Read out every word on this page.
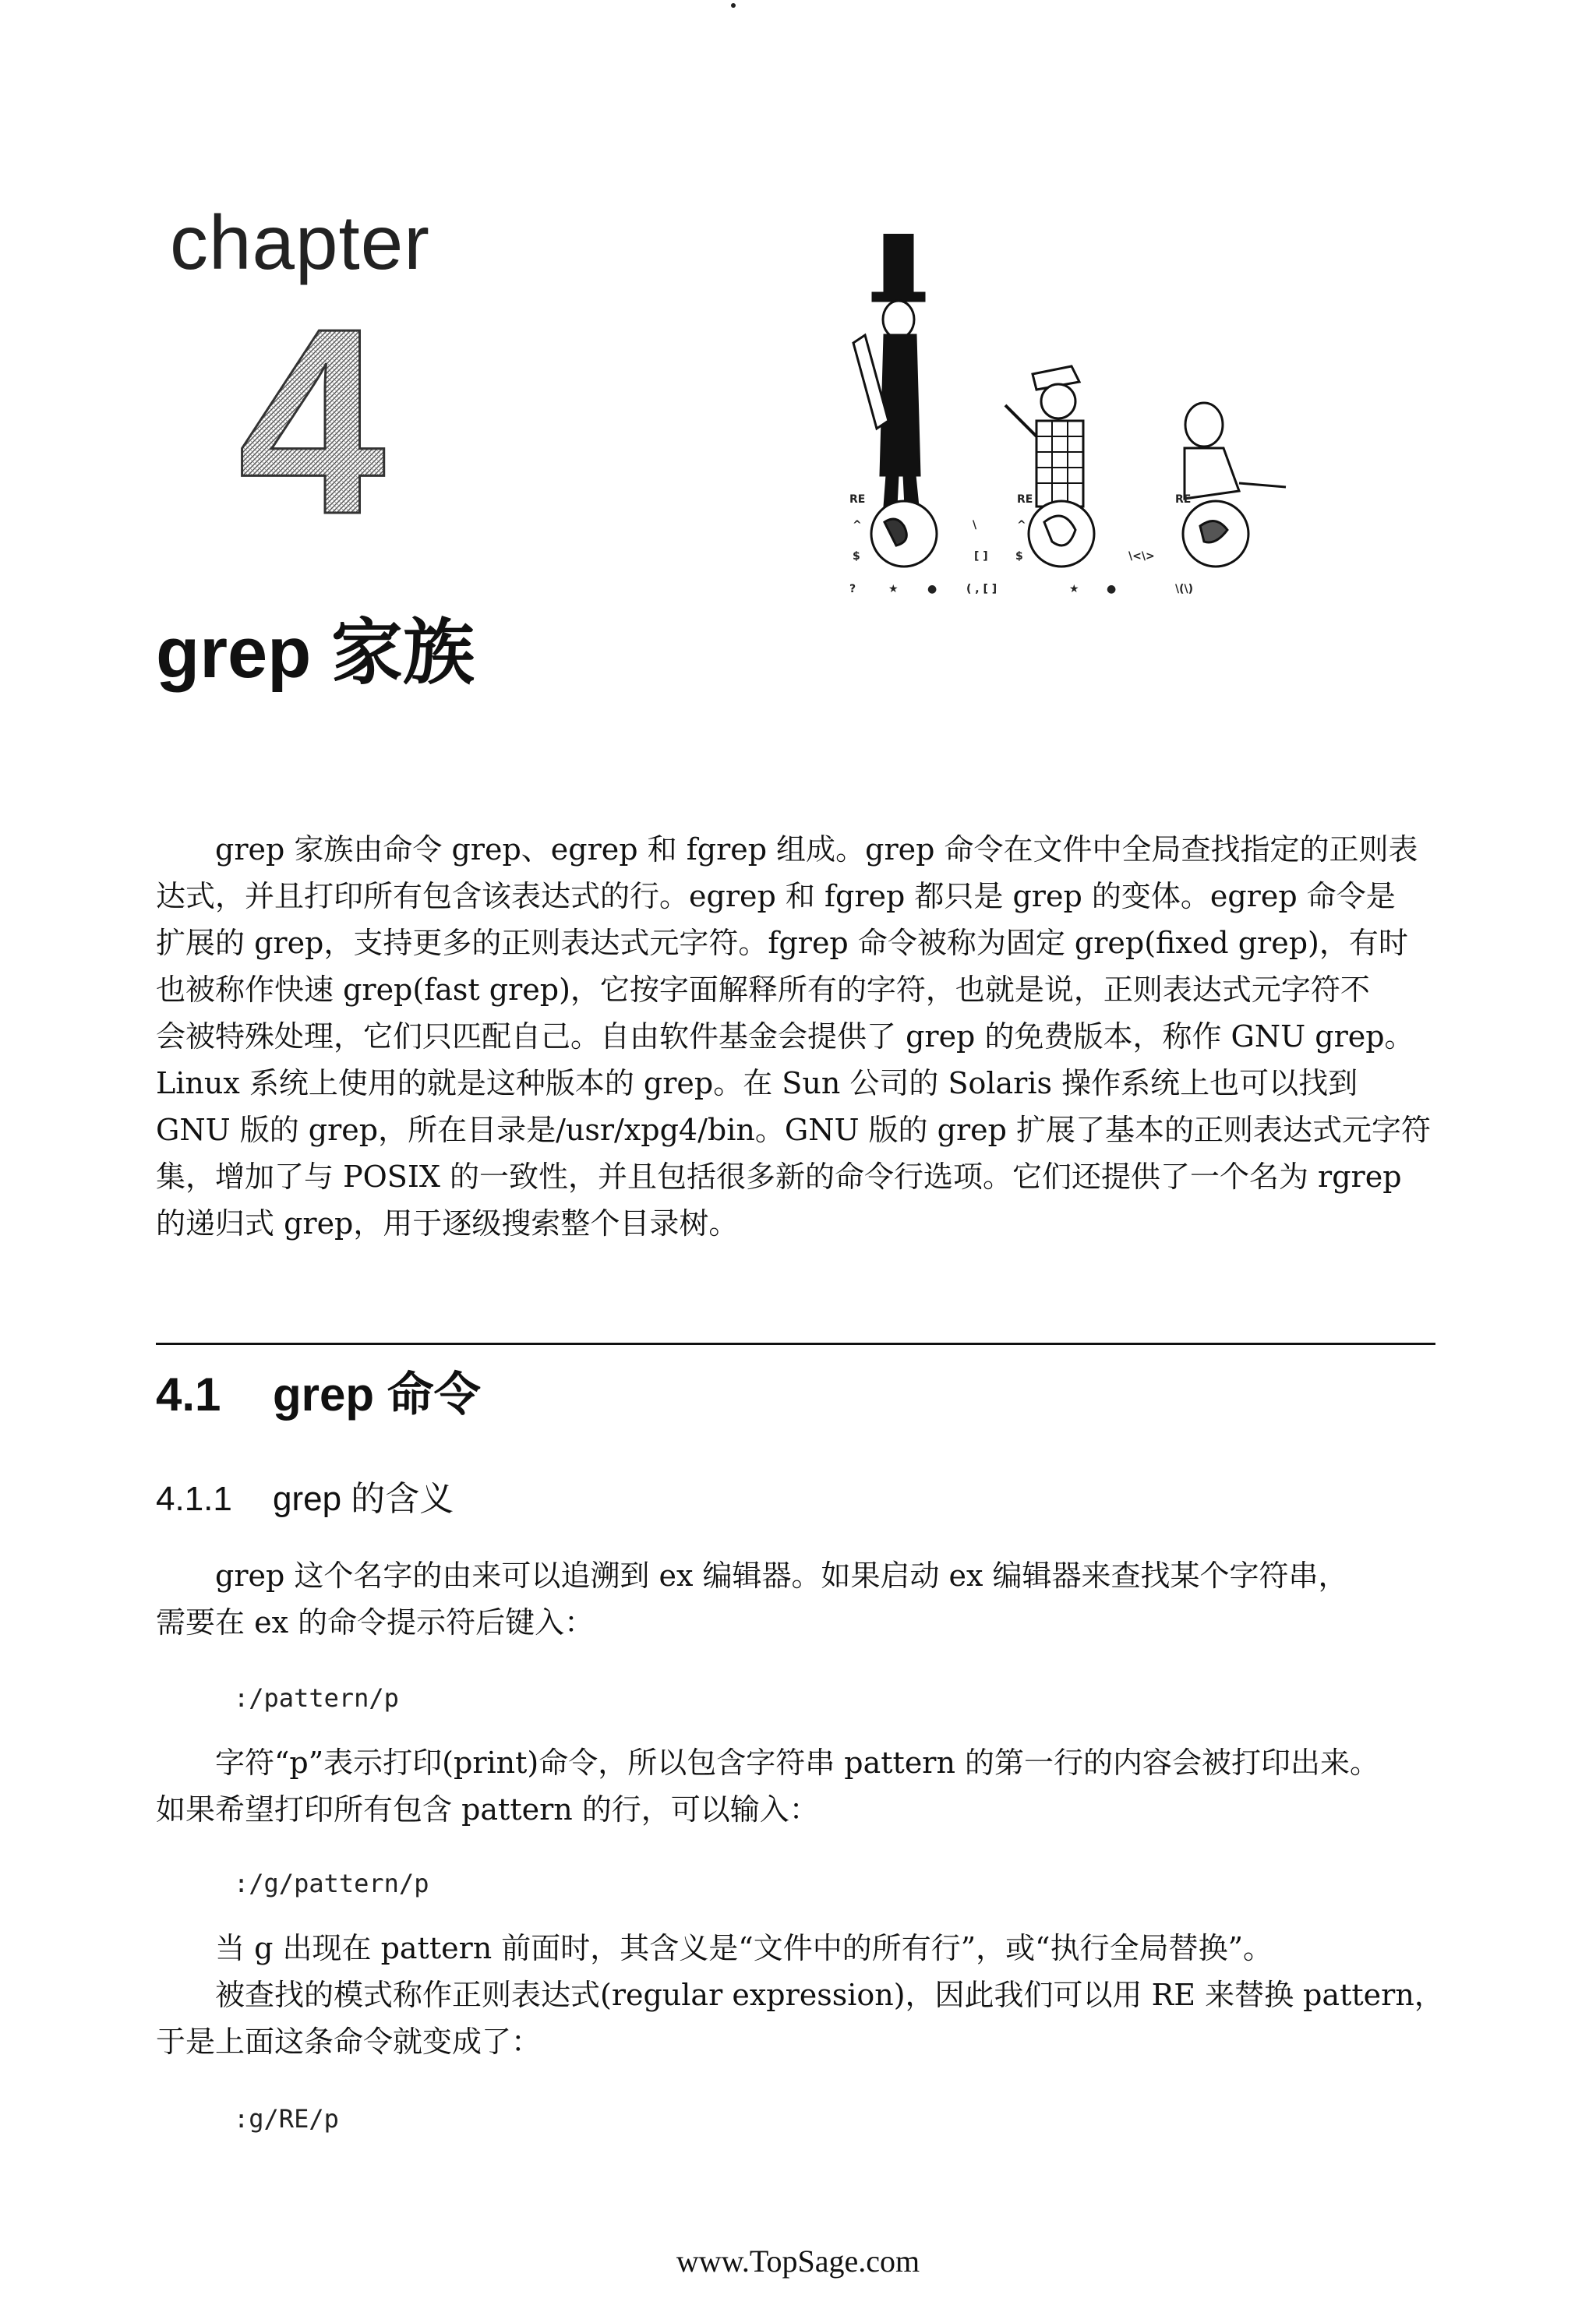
chapter
4
grep 家族
RE	RE	RE
^	\	^
$	[ ]	$	\<\>
?	★	●	( , [ ]	★	●	\(\)
grep 家族由命令 grep、egrep 和 fgrep 组成。grep 命令在文件中全局查找指定的正则表
达式，并且打印所有包含该表达式的行。egrep 和 fgrep 都只是 grep 的变体。egrep 命令是
扩展的 grep，支持更多的正则表达式元字符。fgrep 命令被称为固定 grep(fixed grep)，有时
也被称作快速 grep(fast grep)，它按字面解释所有的字符，也就是说，正则表达式元字符不
会被特殊处理，它们只匹配自己。自由软件基金会提供了 grep 的免费版本，称作 GNU grep。
Linux 系统上使用的就是这种版本的 grep。在 Sun 公司的 Solaris 操作系统上也可以找到
GNU 版的 grep，所在目录是/usr/xpg4/bin。GNU 版的 grep 扩展了基本的正则表达式元字符
集，增加了与 POSIX 的一致性，并且包括很多新的命令行选项。它们还提供了一个名为 rgrep
的递归式 grep，用于逐级搜索整个目录树。
4.1 grep 命令
4.1.1 grep 的含义
grep 这个名字的由来可以追溯到 ex 编辑器。如果启动 ex 编辑器来查找某个字符串，
需要在 ex 的命令提示符后键入：
:/pattern/p
字符“p”表示打印(print)命令，所以包含字符串 pattern 的第一行的内容会被打印出来。
如果希望打印所有包含 pattern 的行，可以输入：
:/g/pattern/p
当 g 出现在 pattern 前面时，其含义是“文件中的所有行”，或“执行全局替换”。
被查找的模式称作正则表达式(regular expression)，因此我们可以用 RE 来替换 pattern，
于是上面这条命令就变成了：
:g/RE/p
www.TopSage.com
